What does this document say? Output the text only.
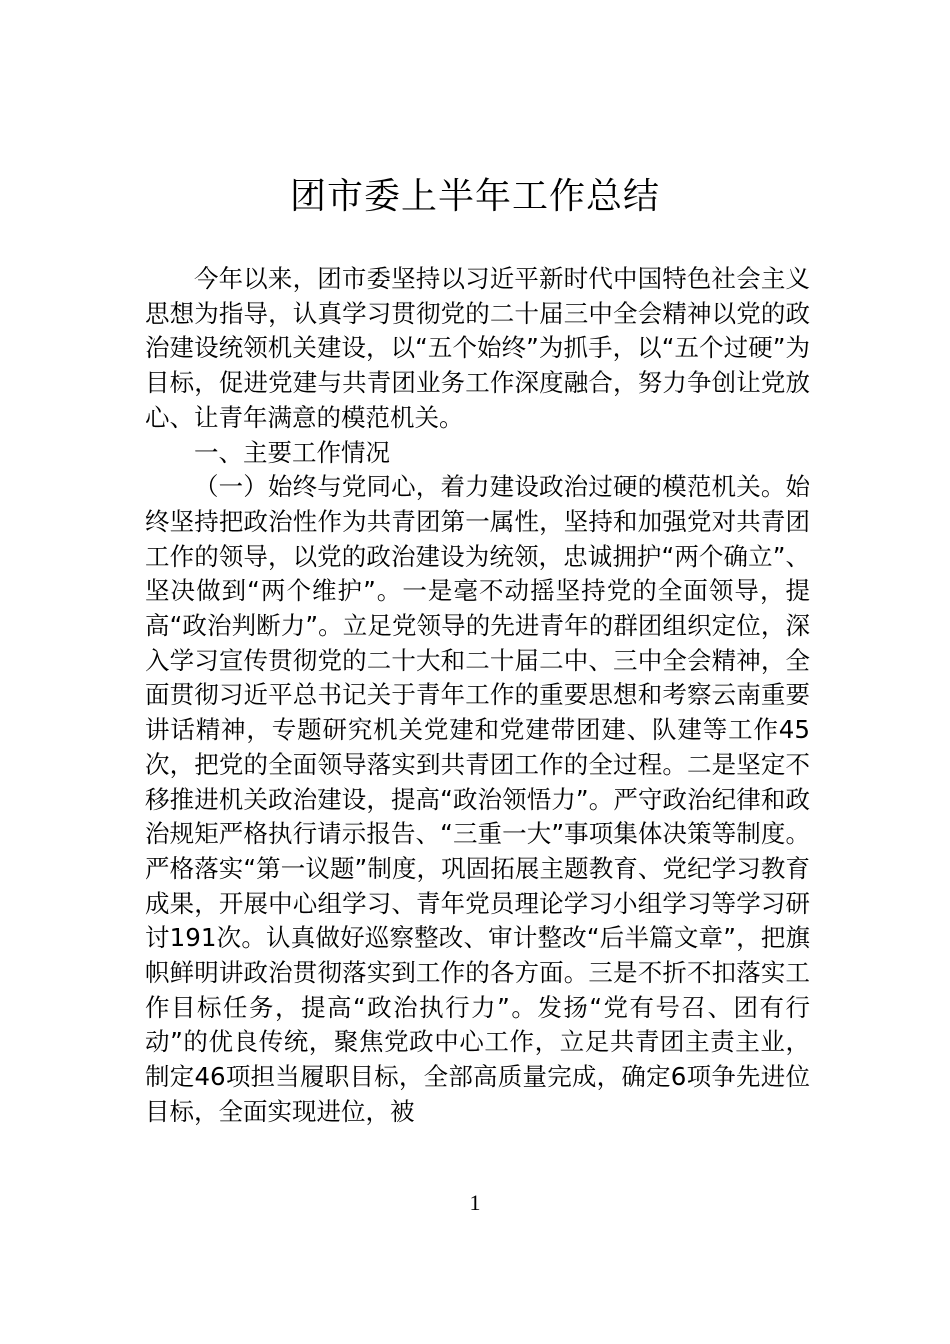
团市委上半年工作总结

今年以来，团市委坚持以习近平新时代中国特色社会主义思想为指导，认真学习贯彻党的二十届三中全会精神以党的政治建设统领机关建设，以“五个始终”为抓手，以“五个过硬”为目标，促进党建与共青团业务工作深度融合，努力争创让党放心、让青年满意的模范机关。

一、主要工作情况

（一）始终与党同心，着力建设政治过硬的模范机关。始终坚持把政治性作为共青团第一属性，坚持和加强党对共青团工作的领导，以党的政治建设为统领，忠诚拥护“两个确立”、坚决做到“两个维护”。一是毫不动摇坚持党的全面领导，提高“政治判断力”。立足党领导的先进青年的群团组织定位，深入学习宣传贯彻党的二十大和二十届二中、三中全会精神，全面贯彻习近平总书记关于青年工作的重要思想和考察云南重要讲话精神，专题研究机关党建和党建带团建、队建等工作45次，把党的全面领导落实到共青团工作的全过程。二是坚定不移推进机关政治建设，提高“政治领悟力”。严守政治纪律和政治规矩严格执行请示报告、“三重一大”事项集体决策等制度。严格落实“第一议题”制度，巩固拓展主题教育、党纪学习教育成果，开展中心组学习、青年党员理论学习小组学习等学习研讨191次。认真做好巡察整改、审计整改“后半篇文章”，把旗帜鲜明讲政治贯彻落实到工作的各方面。三是不折不扣落实工作目标任务，提高“政治执行力”。发扬“党有号召、团有行动”的优良传统，聚焦党政中心工作，立足共青团主责主业，制定46项担当履职目标，全部高质量完成，确定6项争先进位目标，全面实现进位，被

1
